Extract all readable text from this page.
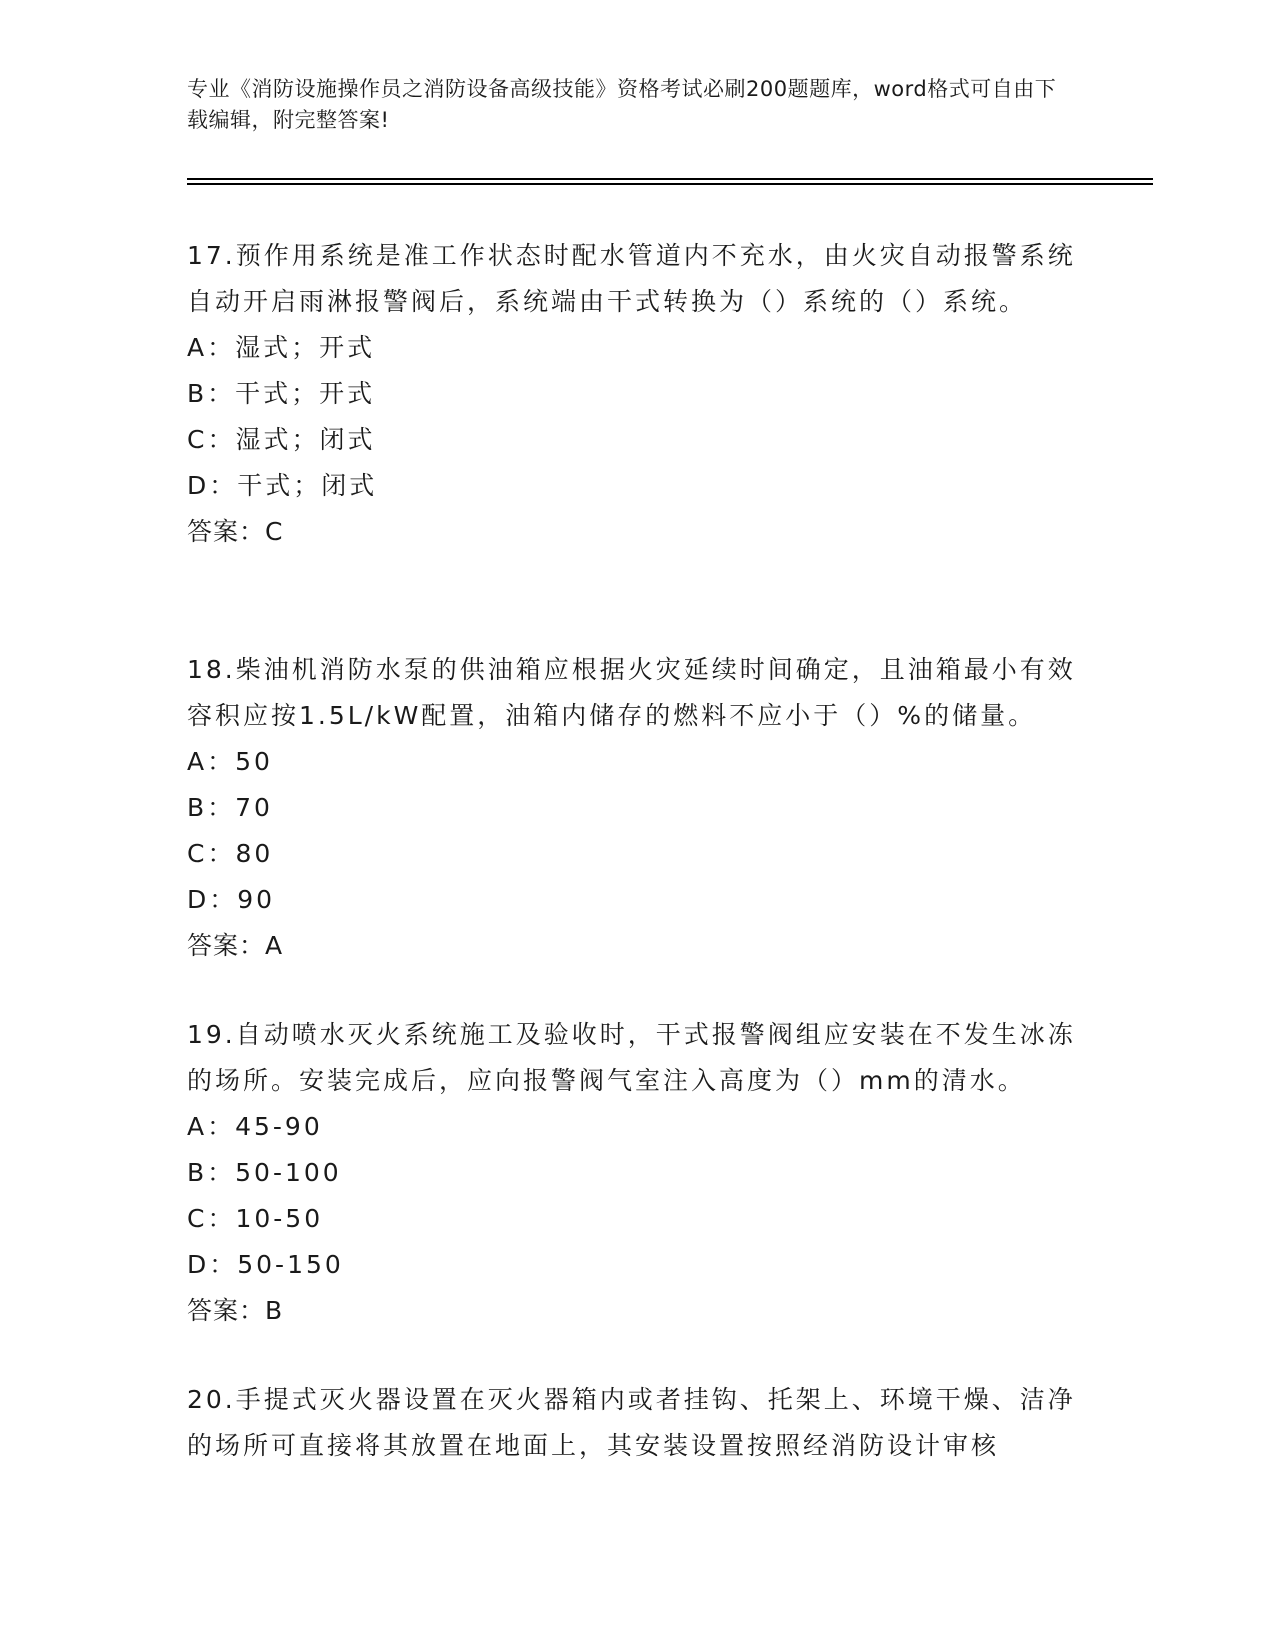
专业《消防设施操作员之消防设备高级技能》资格考试必刷200题题库，word格式可自由下载编辑，附完整答案!
17.预作用系统是准工作状态时配水管道内不充水，由火灾自动报警系统自动开启雨淋报警阀后，系统端由干式转换为（）系统的（）系统。
A：湿式；开式
B：干式；开式
C：湿式；闭式
D：干式；闭式
答案：C
18.柴油机消防水泵的供油箱应根据火灾延续时间确定，且油箱最小有效容积应按1.5L/kW配置，油箱内储存的燃料不应小于（）%的储量。
A：50
B：70
C：80
D：90
答案：A
19.自动喷水灭火系统施工及验收时，干式报警阀组应安装在不发生冰冻的场所。安装完成后，应向报警阀气室注入高度为（）mm的清水。
A：45-90
B：50-100
C：10-50
D：50-150
答案：B
20.手提式灭火器设置在灭火器箱内或者挂钩、托架上、环境干燥、洁净的场所可直接将其放置在地面上，其安装设置按照经消防设计审核
